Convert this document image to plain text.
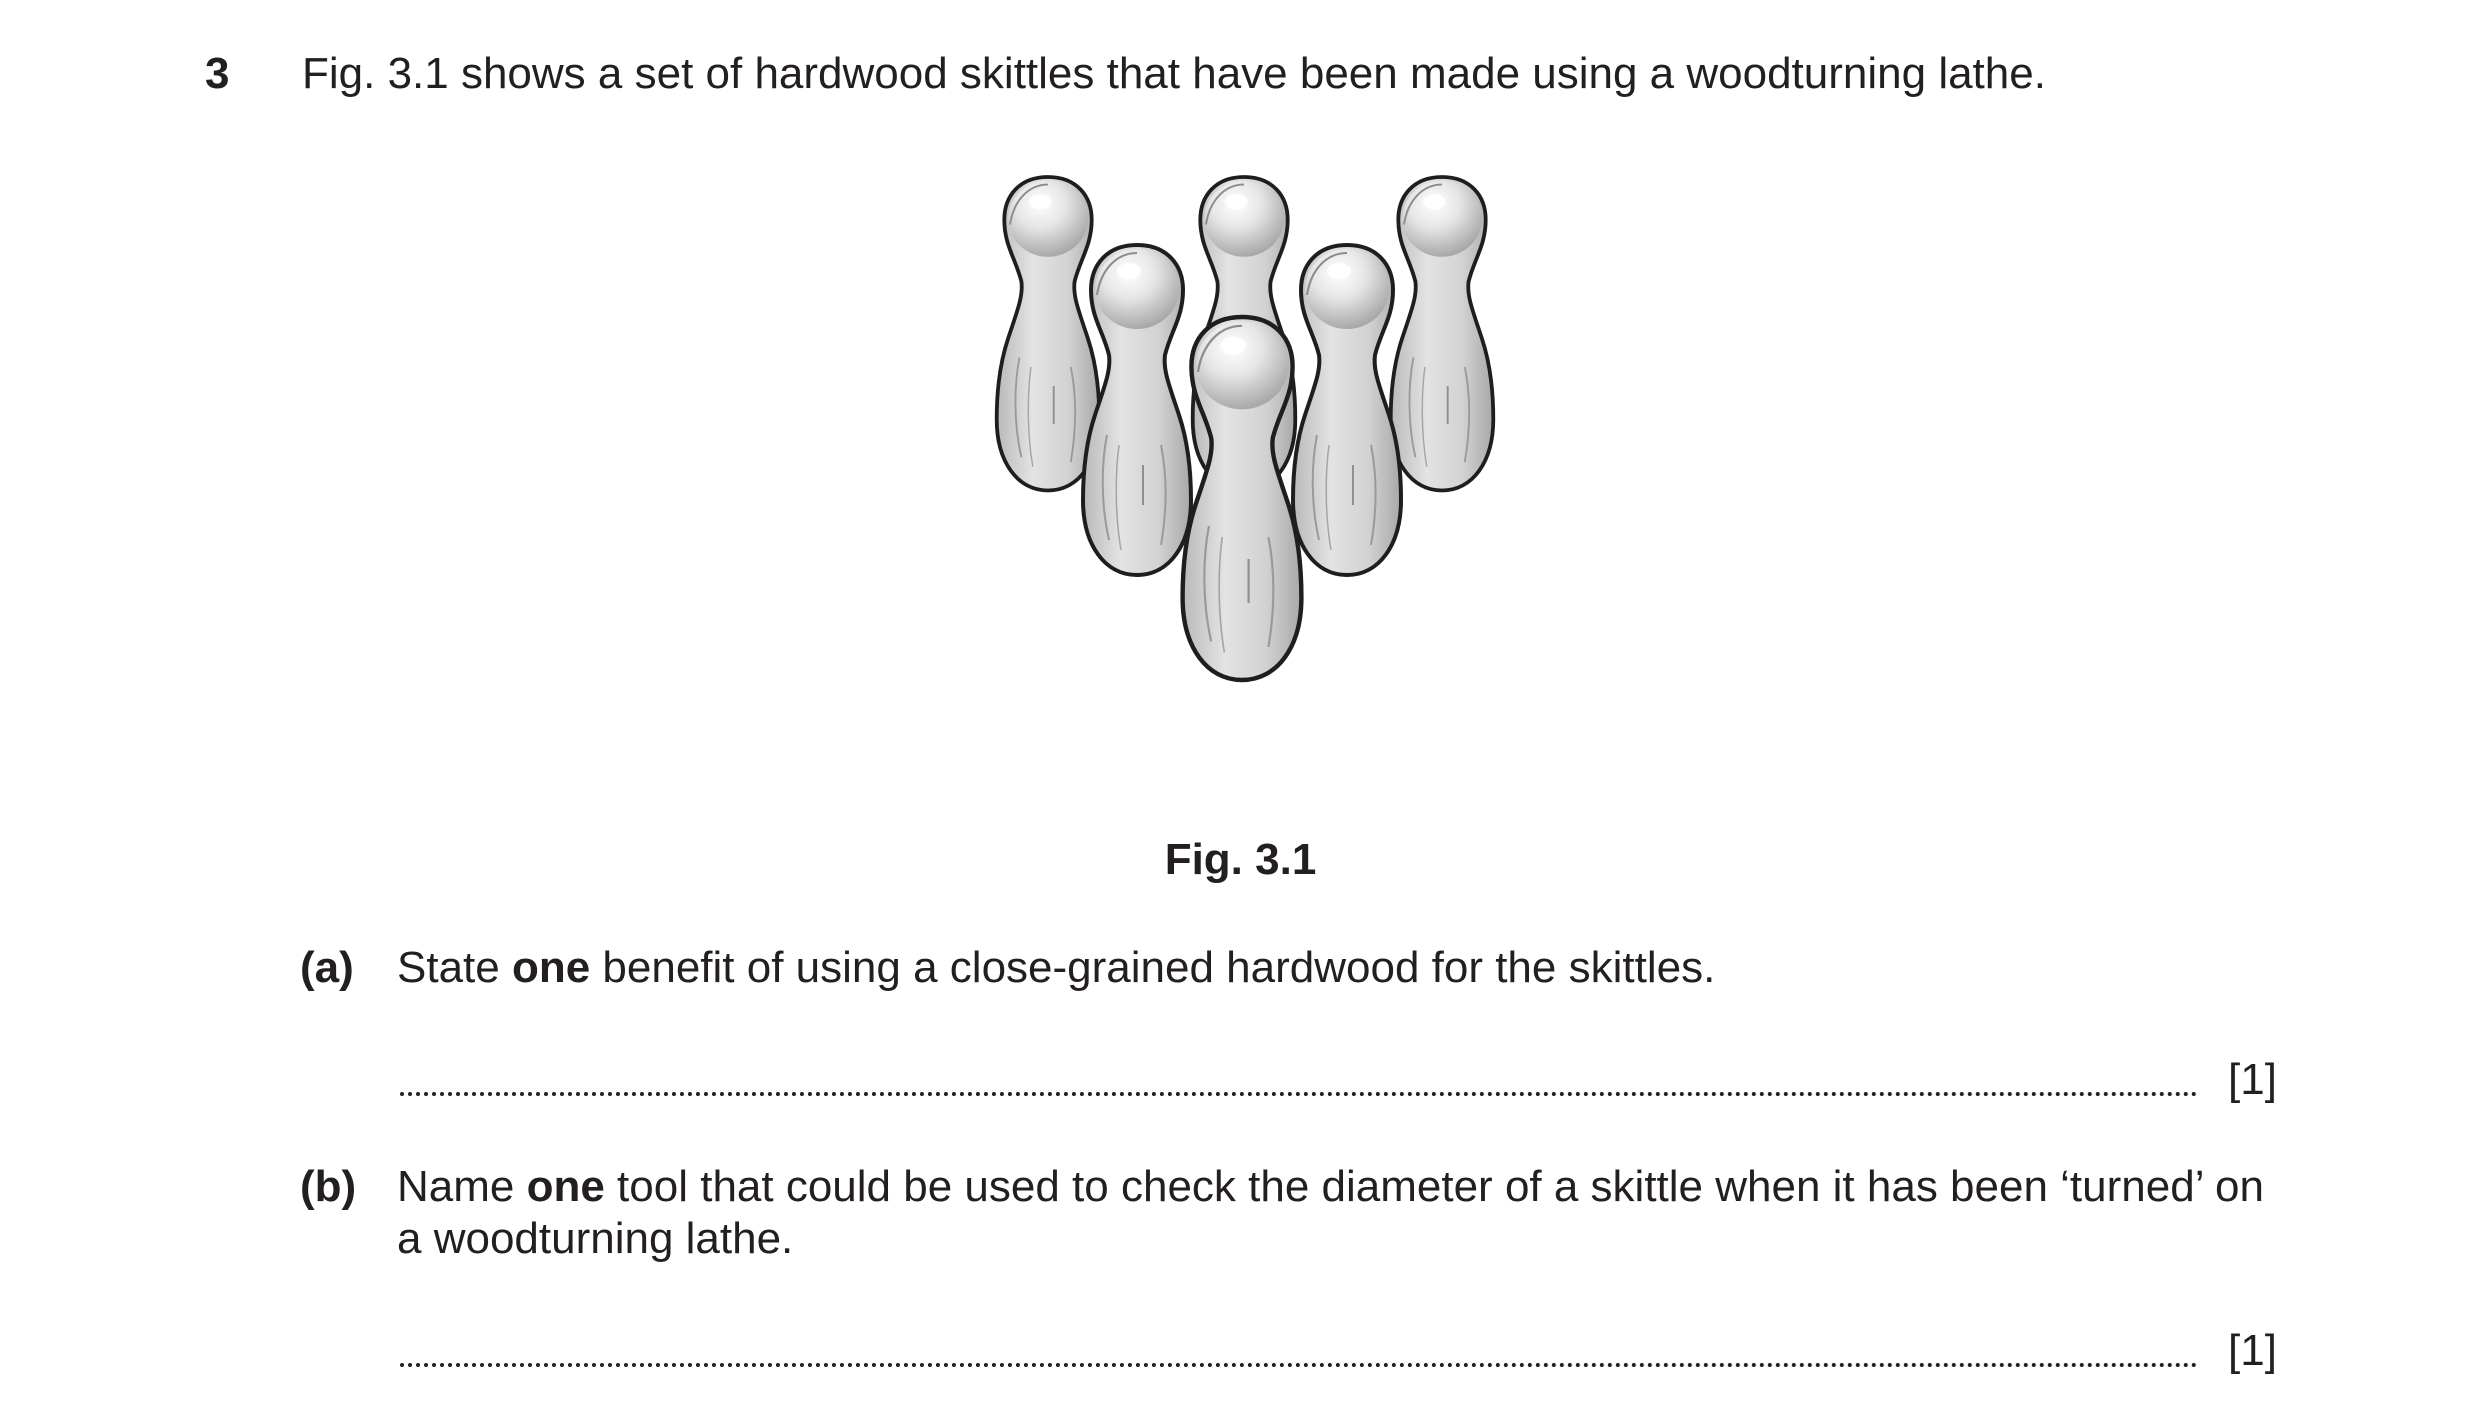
3 Fig. 3.1 shows a set of hardwood skittles that have been made using a woodturning lathe.
Fig. 3.1
(a) State one benefit of using a close-grained hardwood for the skittles.
[1]
(b) Name one tool that could be used to check the diameter of a skittle when it has been ‘turned’ on a woodturning lathe.
[1]
